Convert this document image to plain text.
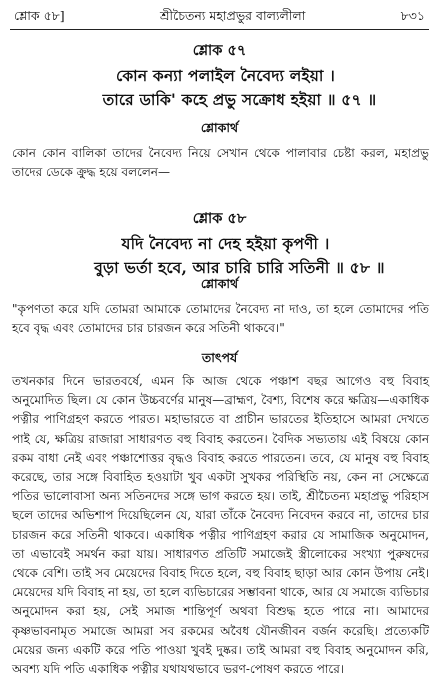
শ্লোক ৫৮]	শ্রীচৈতন্য মহাপ্রভুর বাল্যলীলা	৮৩১
শ্লোক ৫৭
কোন কন্যা পলাইল নৈবেদ্য লইয়া ।
তারে ডাকি' কহে প্রভু সক্রোধ হইয়া ॥ ৫৭ ॥
শ্লোকার্থ

কোন কোন বালিকা তাদের নৈবেদ্য নিয়ে সেখান থেকে পালাবার চেষ্টা করল, মহাপ্রভু তাদের ডেকে ক্রুদ্ধ হয়ে বললেন—

শ্লোক ৫৮
যদি নৈবেদ্য না দেহ হইয়া কৃপণী ।
বুড়া ভর্তা হবে, আর চারি চারি সতিনী ॥ ৫৮ ॥
শ্লোকার্থ

"কৃপণতা করে যদি তোমরা আমাকে তোমাদের নৈবেদ্য না দাও, তা হলে তোমাদের পতি হবে বৃদ্ধ এবং তোমাদের চার চারজন করে সতিনী থাকবে।"

তাৎপর্য

তখনকার দিনে ভারতবর্ষে, এমন কি আজ থেকে পঞ্চাশ বছর আগেও বহু বিবাহ অনুমোদিত ছিল। যে কোন উচ্চবর্ণের মানুষ—ব্রাহ্মণ, বৈশ্য, বিশেষ করে ক্ষত্রিয়—একাধিক পত্নীর পাণিগ্রহণ করতে পারত। মহাভারতে বা প্রাচীন ভারতের ইতিহাসে আমরা দেখতে পাই যে, ক্ষত্রিয় রাজারা সাধারণত বহু বিবাহ করতেন। বৈদিক সভ্যতায় এই বিষয়ে কোন রকম বাধা নেই এবং পঞ্চাশোত্তর বৃদ্ধও বিবাহ করতে পারতেন। তবে, যে মানুষ বহু বিবাহ করেছে, তার সঙ্গে বিবাহিত হওয়াটা খুব একটা সুখকর পরিস্থিতি নয়, কেন না সেক্ষেত্রে পতির ভালোবাসা অন্য সতিনদের সঙ্গে ভাগ করতে হয়। তাই, শ্রীচৈতন্য মহাপ্রভু পরিহাস ছলে তাদের অভিশাপ দিয়েছিলেন যে, যারা তাঁকে নৈবেদ্য নিবেদন করবে না, তাদের চার চারজন করে সতিনী থাকবে। একাধিক পত্নীর পাণিগ্রহণ করার যে সামাজিক অনুমোদন, তা এভাবেই সমর্থন করা যায়। সাধারণত প্রতিটি সমাজেই স্ত্রীলোকের সংখ্যা পুরুষদের থেকে বেশি। তাই সব মেয়েদের বিবাহ দিতে হলে, বহু বিবাহ ছাড়া আর কোন উপায় নেই। মেয়েদের যদি বিবাহ না হয়, তা হলে ব্যভিচারের সম্ভাবনা থাকে, আর যে সমাজে ব্যভিচার অনুমোদন করা হয়, সেই সমাজ শান্তিপূর্ণ অথবা বিশুদ্ধ হতে পারে না। আমাদের কৃষ্ণভাবনামৃত সমাজে আমরা সব রকমের অবৈধ যৌনজীবন বর্জন করেছি। প্রত্যেকটি মেয়ের জন্য একটি করে পতি পাওয়া খুবই দুষ্কর। তাই আমরা বহু বিবাহ অনুমোদন করি, অবশ্য যদি পতি একাধিক পত্নীর যথাযথভাবে ভরণ-পোষণ করতে পারে।
